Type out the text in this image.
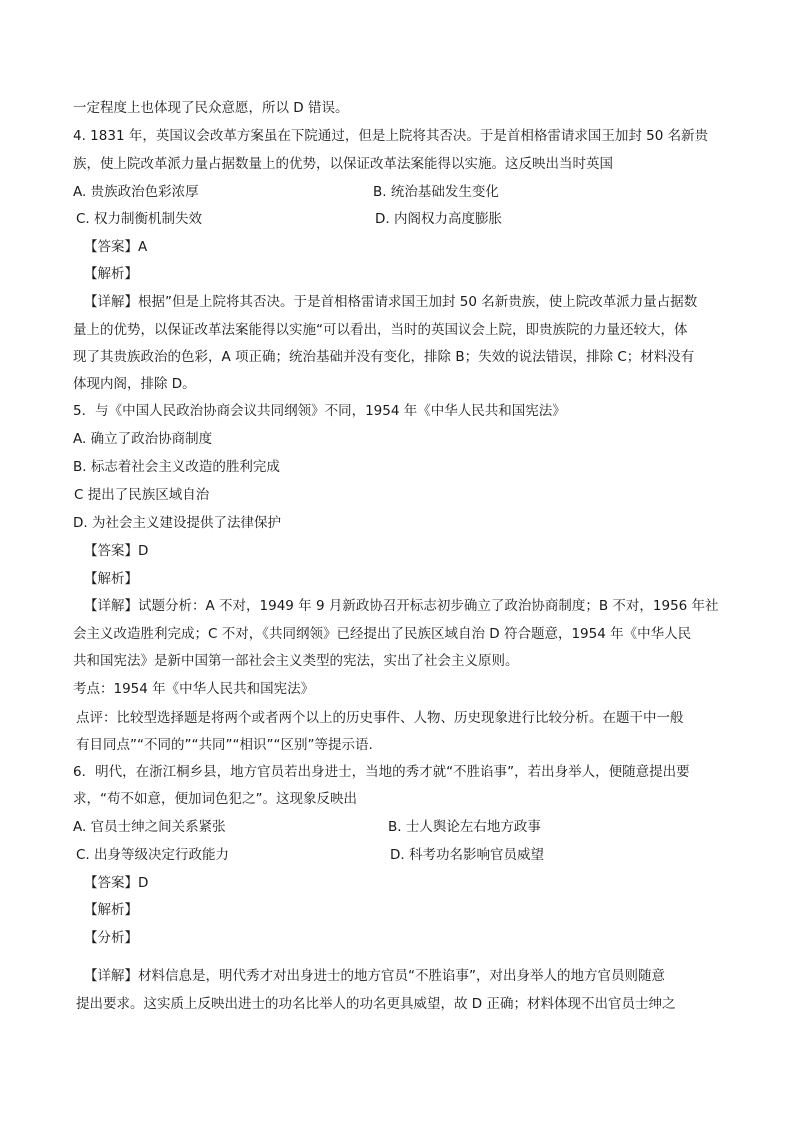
一定程度上也体现了民众意愿，所以 D 错误。
4. 1831 年，英国议会改革方案虽在下院通过，但是上院将其否决。于是首相格雷请求国王加封 50 名新贵
族，使上院改革派力量占据数量上的优势，以保证改革法案能得以实施。这反映出当时英国
A. 贵族政治色彩浓厚	B. 统治基础发生变化
C. 权力制衡机制失效	D. 内阁权力高度膨胀
【答案】A
【解析】
【详解】根据”但是上院将其否决。于是首相格雷请求国王加封 50 名新贵族，使上院改革派力量占据数
量上的优势，以保证改革法案能得以实施“可以看出，当时的英国议会上院，即贵族院的力量还较大，体
现了其贵族政治的色彩，A 项正确；统治基础并没有变化，排除 B；失效的说法错误，排除 C；材料没有
体现内阁，排除 D。
5．与《中国人民政治协商会议共同纲领》不同，1954 年《中华人民共和国宪法》
A. 确立了政治协商制度
B. 标志着社会主义改造的胜利完成
C 提出了民族区域自治
D. 为社会主义建设提供了法律保护
【答案】D
【解析】
【详解】试题分析：A 不对，1949 年 9 月新政协召开标志初步确立了政治协商制度；B 不对，1956 年社
会主义改造胜利完成；C 不对，《共同纲领》已经提出了民族区域自治 D 符合题意，1954 年《中华人民
共和国宪法》是新中国第一部社会主义类型的宪法，实出了社会主义原则。
考点：1954 年《中华人民共和国宪法》
点评：比较型选择题是将两个或者两个以上的历史事件、人物、历史现象进行比较分析。在题干中一般
有目同点”“不同的”“共同”“相识”“区别”等提示语.
6．明代，在浙江桐乡县，地方官员若出身进士，当地的秀才就“不胜谄事”，若出身举人，便随意提出要
求，“苟不如意，便加词色犯之”。这现象反映出
A. 官员士绅之间关系紧张	B. 士人舆论左右地方政事
C. 出身等级决定行政能力	D. 科考功名影响官员威望
【答案】D
【解析】
【分析】
【详解】材料信息是，明代秀才对出身进士的地方官员“不胜谄事”，对出身举人的地方官员则随意
提出要求。这实质上反映出进士的功名比举人的功名更具威望，故 D 正确；材料体现不出官员士绅之
